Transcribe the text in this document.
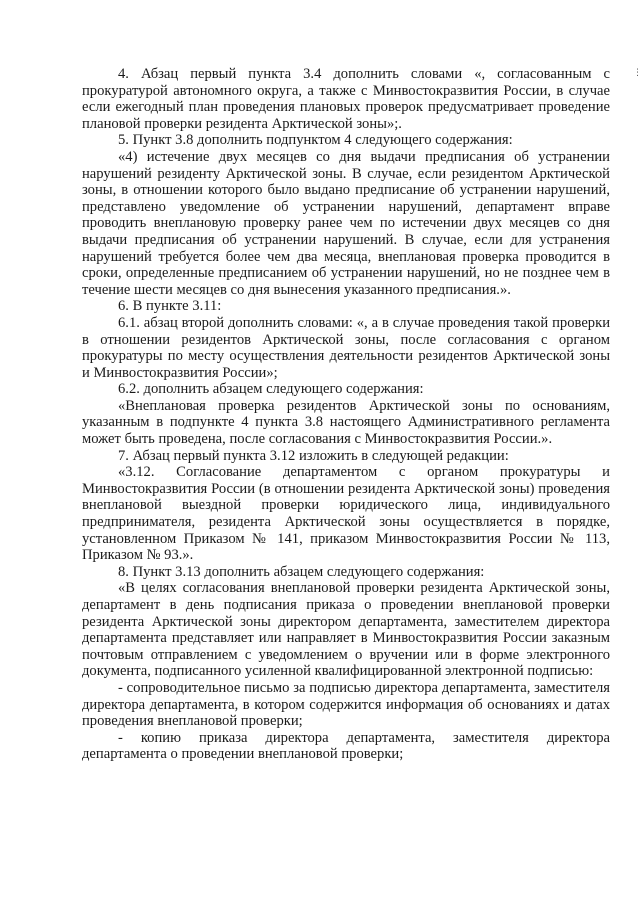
4. Абзац первый пункта 3.4 дополнить словами «, согласованным с прокуратурой автономного округа, а также с Минвостокразвития России, в случае если ежегодный план проведения плановых проверок предусматривает проведение плановой проверки резидента Арктической зоны»;.

5. Пункт 3.8 дополнить подпунктом 4 следующего содержания:

«4) истечение двух месяцев со дня выдачи предписания об устранении нарушений резиденту Арктической зоны. В случае, если резидентом Арктической зоны, в отношении которого было выдано предписание об устранении нарушений, представлено уведомление об устранении нарушений, департамент вправе проводить внеплановую проверку ранее чем по истечении двух месяцев со дня выдачи предписания об устранении нарушений. В случае, если для устранения нарушений требуется более чем два месяца, внеплановая проверка проводится в сроки, определенные предписанием об устранении нарушений, но не позднее чем в течение шести месяцев со дня вынесения указанного предписания.».

6. В пункте 3.11:

6.1. абзац второй дополнить словами: «, а в случае проведения такой проверки в отношении резидентов Арктической зоны, после согласования с органом прокуратуры по месту осуществления деятельности резидентов Арктической зоны и Минвостокразвития России»;

6.2. дополнить абзацем следующего содержания:

«Внеплановая проверка резидентов Арктической зоны по основаниям, указанным в подпункте 4 пункта 3.8 настоящего Административного регламента может быть проведена, после согласования с Минвостокразвития России.».

7. Абзац первый пункта 3.12 изложить в следующей редакции:

«3.12. Согласование департаментом с органом прокуратуры и Минвостокразвития России (в отношении резидента Арктической зоны) проведения внеплановой выездной проверки юридического лица, индивидуального предпринимателя, резидента Арктической зоны осуществляется в порядке, установленном Приказом № 141, приказом Минвостокразвития России № 113, Приказом № 93.».

8. Пункт 3.13 дополнить абзацем следующего содержания:

«В целях согласования внеплановой проверки резидента Арктической зоны, департамент в день подписания приказа о проведении внеплановой проверки резидента Арктической зоны директором департамента, заместителем директора департамента представляет или направляет в Минвостокразвития России заказным почтовым отправлением с уведомлением о вручении или в форме электронного документа, подписанного усиленной квалифицированной электронной подписью:

- сопроводительное письмо за подписью директора департамента, заместителя директора департамента, в котором содержится информация об основаниях и датах проведения внеплановой проверки;

- копию приказа директора департамента, заместителя директора департамента о проведении внеплановой проверки;

⋮
